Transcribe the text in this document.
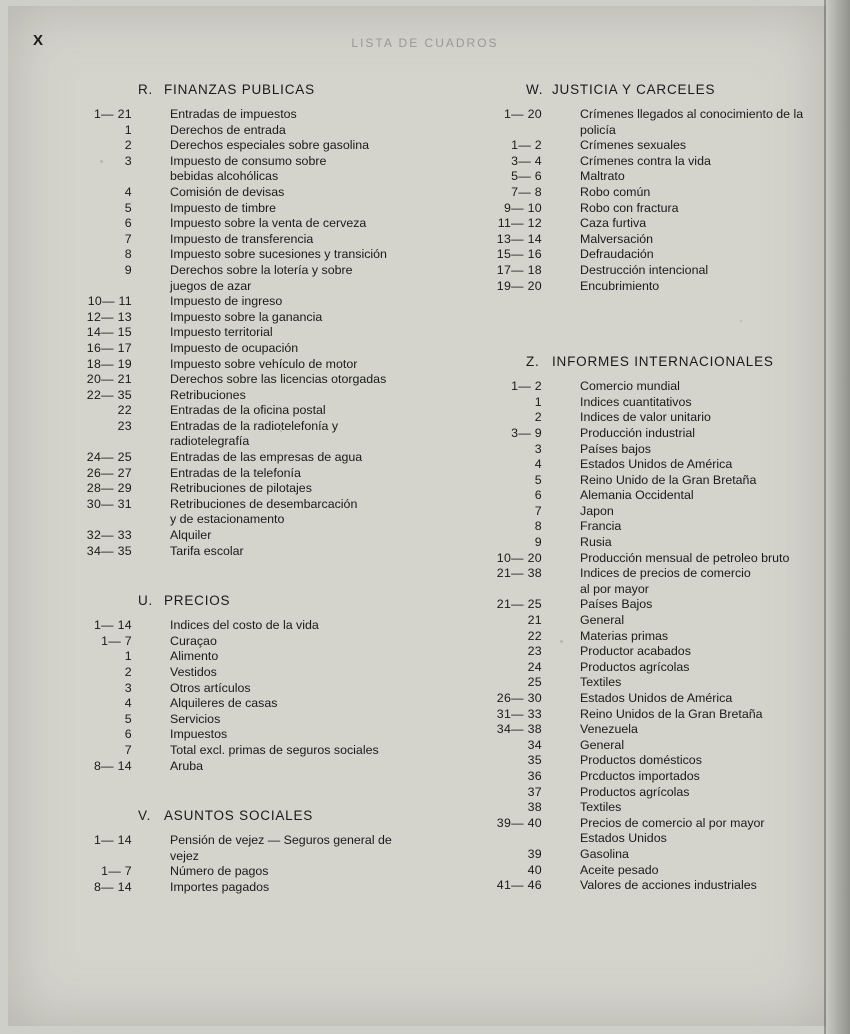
X	LISTA DE CUADROS
R. FINANZAS PUBLICAS
1— 21	Entradas de impuestos
1	Derechos de entrada
2	Derechos especiales sobre gasolina
3	Impuesto de consumo sobre
bebidas alcohólicas
4	Comisión de devisas
5	Impuesto de timbre
6	Impuesto sobre la venta de cerveza
7	Impuesto de transferencia
8	Impuesto sobre sucesiones y transición
9	Derechos sobre la lotería y sobre
juegos de azar
10— 11	Impuesto de ingreso
12— 13	Impuesto sobre la ganancia
14— 15	Impuesto territorial
16— 17	Impuesto de ocupación
18— 19	Impuesto sobre vehículo de motor
20— 21	Derechos sobre las licencias otorgadas
22— 35	Retribuciones
22	Entradas de la oficina postal
23	Entradas de la radiotelefonía y
radiotelegrafía
24— 25	Entradas de las empresas de agua
26— 27	Entradas de la telefonía
28— 29	Retribuciones de pilotajes
30— 31	Retribuciones de desembarcación
y de estacionamento
32— 33	Alquiler
34— 35	Tarifa escolar
U. PRECIOS
1— 14	Indices del costo de la vida
1— 7	Curaçao
1	Alimento
2	Vestidos
3	Otros artículos
4	Alquileres de casas
5	Servicios
6	Impuestos
7	Total excl. primas de seguros sociales
8— 14	Aruba
V. ASUNTOS SOCIALES
1— 14	Pensión de vejez — Seguros general de
vejez
1— 7	Número de pagos
8— 14	Importes pagados
W. JUSTICIA Y CARCELES
1— 20	Crímenes llegados al conocimiento de la
policía
1— 2	Crímenes sexuales
3— 4	Crímenes contra la vida
5— 6	Maltrato
7— 8	Robo común
9— 10	Robo con fractura
11— 12	Caza furtiva
13— 14	Malversación
15— 16	Defraudación
17— 18	Destrucción intencional
19— 20	Encubrimiento
Z. INFORMES INTERNACIONALES
1— 2	Comercio mundial
1	Indices cuantitativos
2	Indices de valor unitario
3— 9	Producción industrial
3	Países bajos
4	Estados Unidos de América
5	Reino Unido de la Gran Bretaña
6	Alemania Occidental
7	Japon
8	Francia
9	Rusia
10— 20	Producción mensual de petroleo bruto
21— 38	Indices de precios de comercio
al por mayor
21— 25	Países Bajos
21	General
22	Materias primas
23	Productor acabados
24	Productos agrícolas
25	Textiles
26— 30	Estados Unidos de América
31— 33	Reino Unidos de la Gran Bretaña
34— 38	Venezuela
34	General
35	Productos domésticos
36	Prcductos importados
37	Productos agrícolas
38	Textiles
39— 40	Precios de comercio al por mayor
Estados Unidos
39	Gasolina
40	Aceite pesado
41— 46	Valores de acciones industriales
